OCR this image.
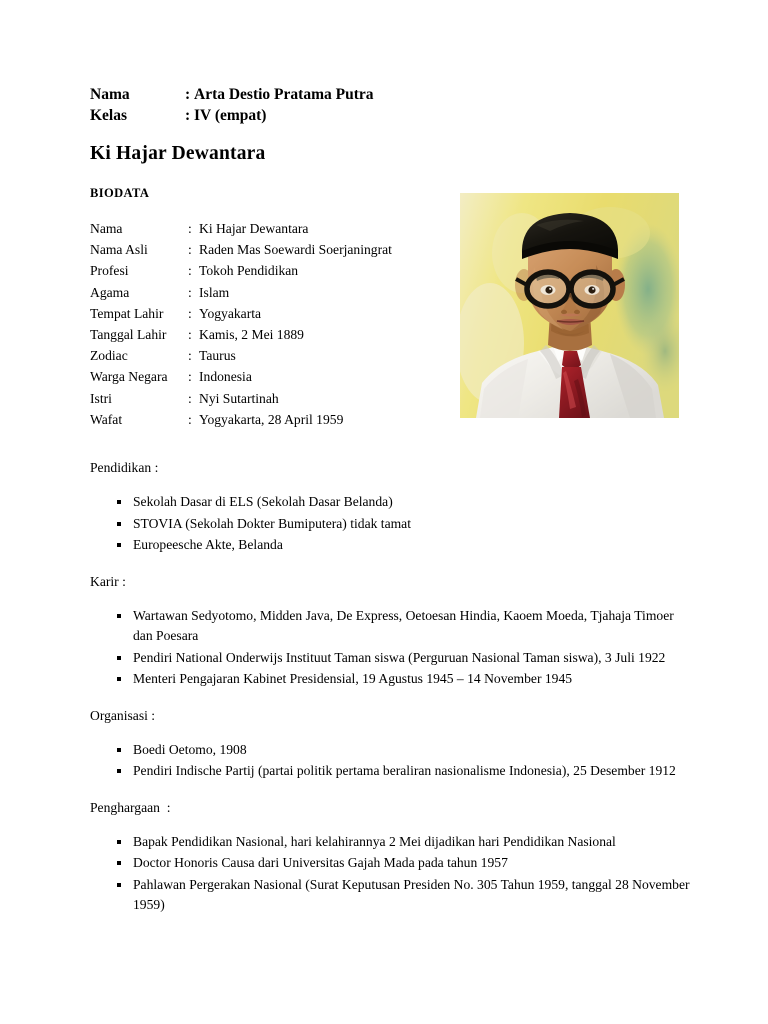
Nama	: Arta Destio Pratama Putra
Kelas	: IV (empat)
Ki Hajar Dewantara
BIODATA
Nama	:	Ki Hajar Dewantara
Nama Asli	:	Raden Mas Soewardi Soerjaningrat
Profesi	:	Tokoh Pendidikan
Agama	:	Islam
Tempat Lahir	:	Yogyakarta
Tanggal Lahir	:	Kamis, 2 Mei 1889
Zodiac	:	Taurus
Warga Negara	:	Indonesia
Istri	:	Nyi Sutartinah
Wafat	:	Yogyakarta, 28 April 1959

Pendidikan :

Sekolah Dasar di ELS (Sekolah Dasar Belanda)
STOVIA (Sekolah Dokter Bumiputera) tidak tamat
Europeesche Akte, Belanda

Karir :

Wartawan Sedyotomo, Midden Java, De Express, Oetoesan Hindia, Kaoem Moeda, Tjahaja Timoer dan Poesara
Pendiri National Onderwijs Instituut Taman siswa (Perguruan Nasional Taman siswa), 3 Juli 1922
Menteri Pengajaran Kabinet Presidensial, 19 Agustus 1945 – 14 November 1945

Organisasi :

Boedi Oetomo, 1908
Pendiri Indische Partij (partai politik pertama beraliran nasionalisme Indonesia), 25 Desember 1912

Penghargaan  :

Bapak Pendidikan Nasional, hari kelahirannya 2 Mei dijadikan hari Pendidikan Nasional
Doctor Honoris Causa dari Universitas Gajah Mada pada tahun 1957
Pahlawan Pergerakan Nasional (Surat Keputusan Presiden No. 305 Tahun 1959, tanggal 28 November 1959)
